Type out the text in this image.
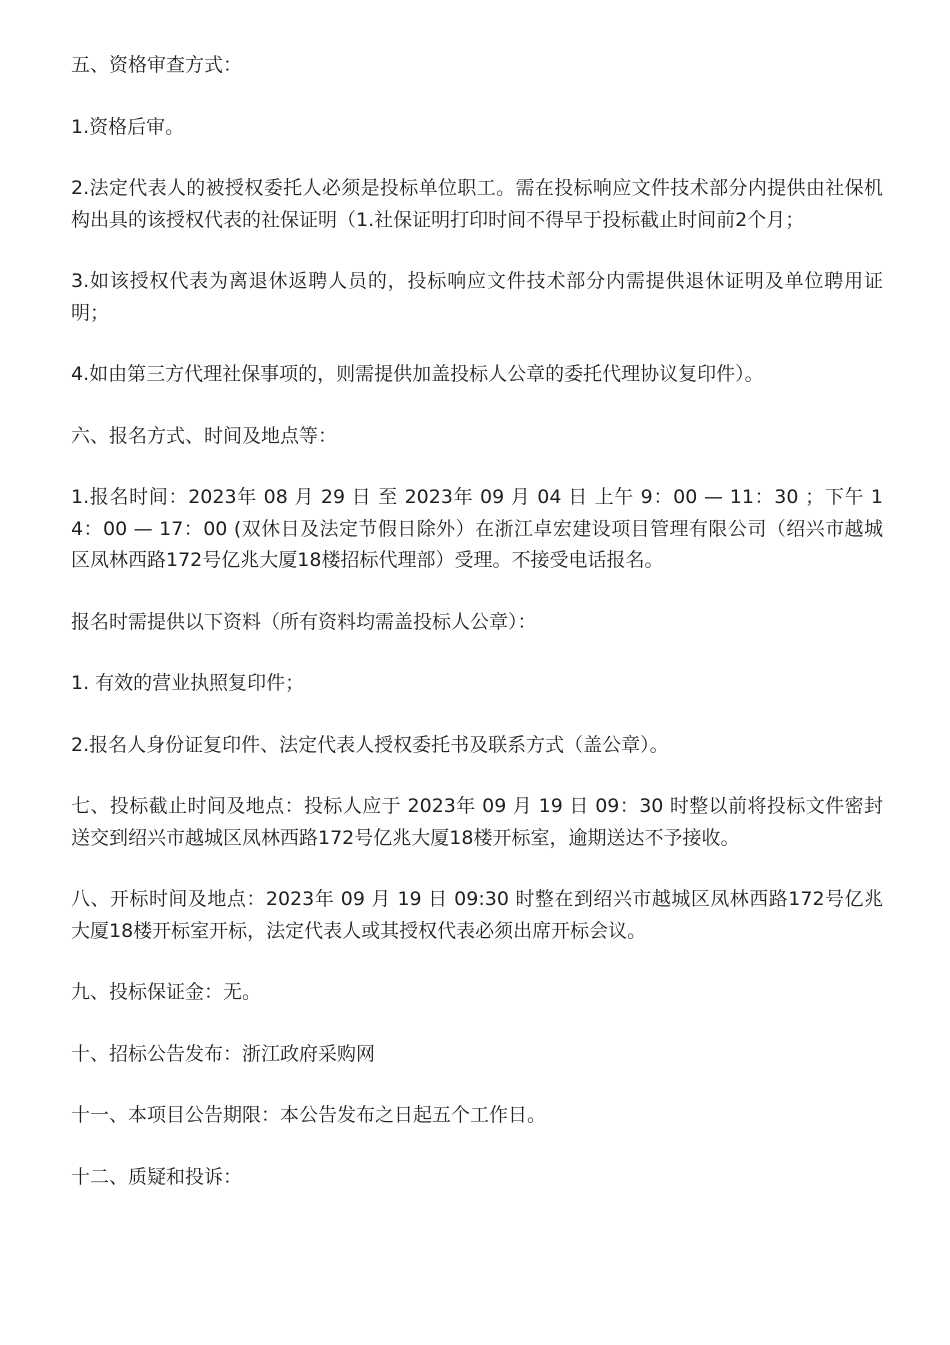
五、资格审查方式：

1.资格后审。

2.法定代表人的被授权委托人必须是投标单位职工。需在投标响应文件技术部分内提供由社保机构出具的该授权代表的社保证明（1.社保证明打印时间不得早于投标截止时间前2个月；

3.如该授权代表为离退休返聘人员的，投标响应文件技术部分内需提供退休证明及单位聘用证明；

4.如由第三方代理社保事项的，则需提供加盖投标人公章的委托代理协议复印件）。

六、报名方式、时间及地点等：

1.报名时间：2023年 08 月 29 日 至 2023年 09 月 04 日 上午 9：00 — 11：30 ；下午 14：00 — 17：00 (双休日及法定节假日除外）在浙江卓宏建设项目管理有限公司（绍兴市越城区凤林西路172号亿兆大厦18楼招标代理部）受理。不接受电话报名。

报名时需提供以下资料（所有资料均需盖投标人公章）：

1. 有效的营业执照复印件；

2.报名人身份证复印件、法定代表人授权委托书及联系方式（盖公章）。

七、投标截止时间及地点：投标人应于 2023年 09 月 19 日 09：30 时整以前将投标文件密封送交到绍兴市越城区凤林西路172号亿兆大厦18楼开标室，逾期送达不予接收。

八、开标时间及地点：2023年 09 月 19 日 09:30 时整在到绍兴市越城区凤林西路172号亿兆大厦18楼开标室开标，法定代表人或其授权代表必须出席开标会议。

九、投标保证金：无。

十、招标公告发布：浙江政府采购网

十一、本项目公告期限：本公告发布之日起五个工作日。

十二、质疑和投诉：
